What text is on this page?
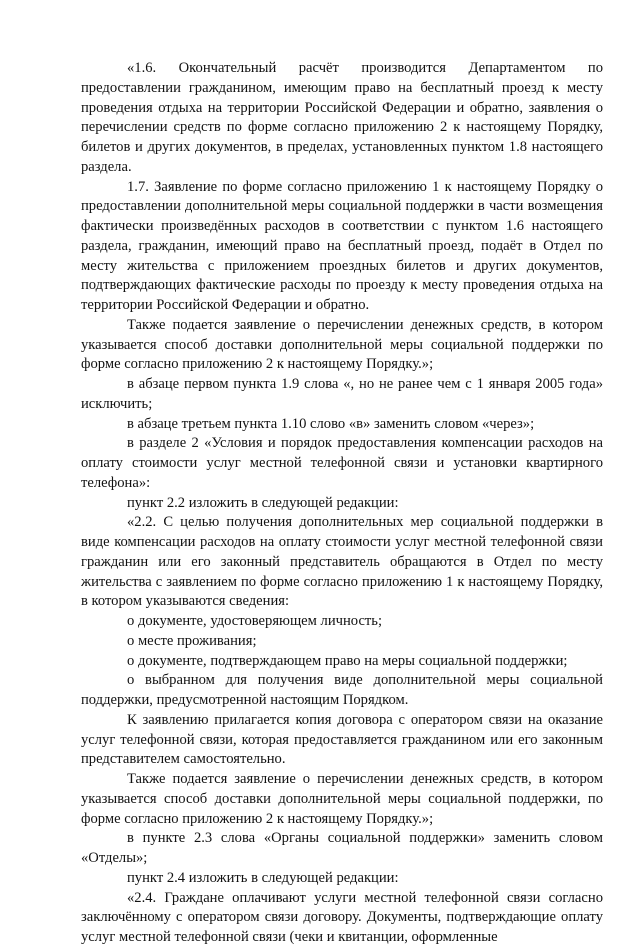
«1.6. Окончательный расчёт производится Департаментом по предоставлении гражданином, имеющим право на бесплатный проезд к месту проведения отдыха на территории Российской Федерации и обратно, заявления о перечислении средств по форме согласно приложению 2 к настоящему Порядку, билетов и других документов, в пределах, установленных пунктом 1.8 настоящего раздела.

1.7. Заявление по форме согласно приложению 1 к настоящему Порядку о предоставлении дополнительной меры социальной поддержки в части возмещения фактически произведённых расходов в соответствии с пунктом 1.6 настоящего раздела, гражданин, имеющий право на бесплатный проезд, подаёт в Отдел по месту жительства с приложением проездных билетов и других документов, подтверждающих фактические расходы по проезду к месту проведения отдыха на территории Российской Федерации и обратно.

Также подается заявление о перечислении денежных средств, в котором указывается способ доставки дополнительной меры социальной поддержки по форме согласно приложению 2 к настоящему Порядку.»;

в абзаце первом пункта 1.9 слова «, но не ранее чем с 1 января 2005 года» исключить;

в абзаце третьем пункта 1.10 слово «в» заменить словом «через»;

в разделе 2 «Условия и порядок предоставления компенсации расходов на оплату стоимости услуг местной телефонной связи и установки квартирного телефона»:

пункт 2.2 изложить в следующей редакции:

«2.2. С целью получения дополнительных мер социальной поддержки в виде компенсации расходов на оплату стоимости услуг местной телефонной связи гражданин или его законный представитель обращаются в Отдел по месту жительства с заявлением по форме согласно приложению 1 к настоящему Порядку, в котором указываются сведения:

о документе, удостоверяющем личность;

о месте проживания;

о документе, подтверждающем право на меры социальной поддержки;

о выбранном для получения виде дополнительной меры социальной поддержки, предусмотренной настоящим Порядком.

К заявлению прилагается копия договора с оператором связи на оказание услуг телефонной связи, которая предоставляется гражданином или его законным представителем самостоятельно.

Также подается заявление о перечислении денежных средств, в котором указывается способ доставки дополнительной меры социальной поддержки, по форме согласно приложению 2 к настоящему Порядку.»;

в пункте 2.3 слова «Органы социальной поддержки» заменить словом «Отделы»;

пункт 2.4 изложить в следующей редакции:

«2.4. Граждане оплачивают услуги местной телефонной связи согласно заключённому с оператором связи договору. Документы, подтверждающие оплату услуг местной телефонной связи (чеки и квитанции, оформленные
